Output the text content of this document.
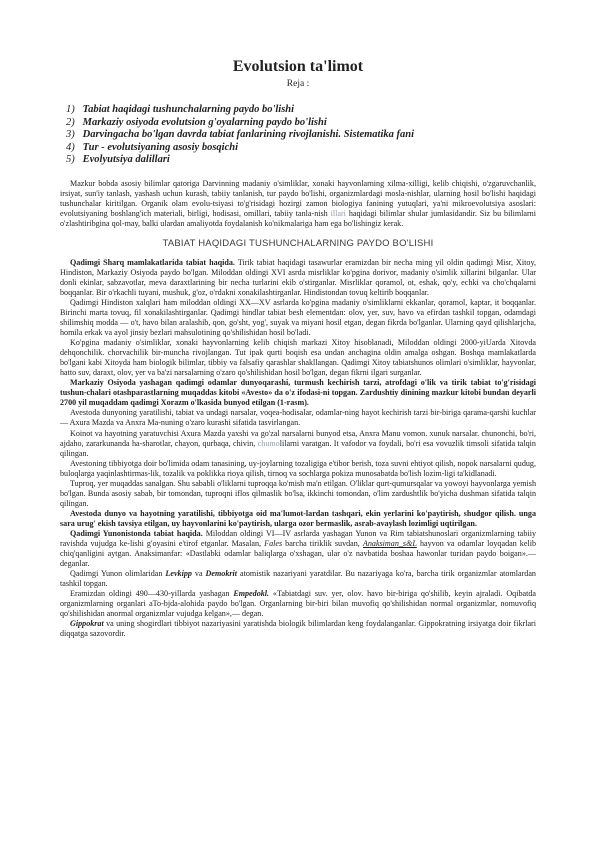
Evolutsion ta'limot
Reja :
1) Tabiat haqidagi tushunchalarning paydo bo'lishi
2) Markaziy osiyoda evolutsion g'oyalarning paydo bo'lishi
3) Darvingacha bo'lgan davrda tabiat fanlarining rivojlanishi. Sistematika fani
4) Tur - evolutsiyaning asosiy bosqichi
5) Evolyutsiya dalillari

Mazkur bobda asosiy bilimlar qatoriga Darvinning madaniy o'simliklar, xonaki hayvonlarning xilma-xilligi, kelib chiqishi, o'zgaruvchanlik, irsiyat, sun'iy tanlash, yashash uchun kurash, tabiiy tanlanish, tur paydo bo'lishi, organizmlardagi mosla-nishlar, ularning hosil bo'lishi haqidagi tushunchalar kiritilgan. Organik olam evolu-tsiyasi to'g'risidagi hozirgi zamon biologiya fanining yutuqlari, ya'ni mikroevolutsiya asoslari: evolutsiyaning boshlang'ich materiali, birligi, hodisasi, omillari, tabiiy tanla-nish illari haqidagi bilimlar shular jumlasidandir. Siz bu bilimlarni o'zlashtiribgina qol-may, balki ulardan amaliyotda foydalanish ko'nikmalariga ham ega bo'lishingiz kerak.

TABIAT HAQIDAGI TUSHUNCHALARNING PAYDO BO'LISHI

Qadimgi Sharq mamlakatlarida tabiat haqida. Tirik tabiat haqidagi tasawurlar eramizdan bir necha ming yil oldin qadimgi Misr, Xitoy, Hindiston, Markaziy Osiyoda paydo bo'lgan. Miloddan oldingi XVI asrda misrliklar ko'pgina dorivor, madaniy o'simlik xillarini bilganlar. Ular donli ekinlar, sabzavotlar, meva daraxtlarining bir necha turlarini ekib o'stirganlar. Misrliklar qoramol, ot, eshak, qo'y, echki va cho'chqalarni boqqanlar. Bir o'rkachli tuyani, mushuk, g'oz, o'rdakni xonakilashtirganlar. Hindistondan tovuq keltirib boqqanlar.

Qadimgi Hindiston xalqlari ham miloddan oldingi XX—XV asrlarda ko'pgina madaniy o'simliklarni ekkanlar, qoramol, kaptar, it boqqanlar. Birinchi marta tovuq, fil xonakilashtirganlar. Qadimgi hindlar tabiat besh elementdan: olov, yer, suv, havo va efirdan tashkil topgan, odamdagi shilimshiq modda — o't, havo bilan aralashib, qon, go'sht, yog', suyak va miyani hosil etgan, degan fikrda bo'lganlar. Ularning qayd qilishlarjcha, homila erkak va ayol jinsiy bezlari mahsulotining qo'shilishidan hosil bo'ladi.

Ko'pgina madaniy o'simliklar, xonaki hayvonlarning kelib chiqish markazi Xitoy hisoblanadi, Miloddan oldingi 2000-yiUarda Xitovda dehqonchilik. chorvachilik bir-muncha rivojlangan. Tut ipak qurti boqish esa undan anchagina oldin amalga oshgan. Boshqa mamlakatlarda bo'lgani kabi Xitoyda ham biologik bilimlar, tibbiy va falsafiy qarashlar shakllangan. Qadimgi Xitoy tabiatshunos olimlari o'simliklar, hayvonlar, hatto suv, daraxt, olov, yer va ba'zi narsalarning o'zaro qo'shilishidan hosil bo'lgan, degan fikrni ilgari surganlar.

Markaziy Osiyoda yashagan qadimgi odamlar dunyoqarashi, turmush kechirish tarzi, atrofdagi o'lik va tirik tabiat to'g'risidagi tushun-chalari otashparastlarning muqaddas kitobi «Avesto» da o'z ifodasi-ni topgan. Zardushtiy dinining mazkur kitobi bundan deyarli 2700 yil muqaddam qadimgi Xorazm o'lkasida bunyod etilgan (1-rasm).

Avestoda dunyoning yaratilishi, tabiat va undagi narsalar, voqea-hodisalar, odamlar-ning hayot kechirish tarzi bir-biriga qarama-qarshi kuchlar — Axura Mazda va Anxra Ma-nuning o'zaro kurashi sifatida tasvirlangan.

Koinot va hayotning yaratuvchisi Axura Mazda yaxshi va go'zal narsalarni bunyod etsa, Anxra Manu vomon. xunuk narsalar. chunonchi, bo'ri, ajdaho, zararkunanda ha-sharotlar, chayon, qurbaqa, chivin, chumolilarni varatgan. It vafodor va foydali, bo'ri esa vovuzlik timsoli sifatida talqin qilingan.

Avestoning tibbiyotga doir bo'limida odam tanasining, uy-joylarning tozaligiga e'tibor berish, toza suvni ehtiyot qilish, nopok narsalarni qudug, buloqlarga yaqinlashtirmas-lik, tozalik va poklikka rioya qilish, tirnoq va sochlarga pokiza munosabatda bo'lish lozim-ligi ta'kidlanadi.

Tuproq, yer muqaddas sanalgan. Shu sababli o'liklarni tuproqqa ko'mish ma'n etilgan. O'liklar qurt-qumursqalar va yowoyi hayvonlarga yemish bo'lgan. Bunda asosiy sabab, bir tomondan, tuproqni iflos qilmaslik bo'lsa, ikkinchi tomondan, o'lim zardushtlik bo'yicha dushman sifatida talqin qilingan.

Avestoda dunyo va hayotning yaratilishi, tibbiyotga oid ma'lumot-lardan tashqari, ekin yerlarini ko'paytirish, shudgor qilish. unga sara urug' ekish tavsiya etilgan, uy hayvonlarini ko'paytirish, ularga ozor bermaslik, asrab-avaylash lozimligi uqtirilgan.

Qadimgi Yunonistonda tabiat haqida. Miloddan oldingi VI—IV asrlarda yashagan Yunon va Rim tabiatshunoslari organizmlarning tabiiy ravishda vujudga ke-lishi g'oyasini e'tirof etganlar. Masalan, Fales barcha tiriklik suvdan, Anaksiman_s&L hayvon va odamlar loyqadan kelib chiq'qanligini aytgan. Anaksimanfar: «Dastlabki odamlar baliqlarga o'xshagan, ular o'z navbatida boshaa hawonlar turidan paydo boigan».— deganlar.

Qadimgi Yunon olimlaridan Levkipp va Demokrit atomistik nazariyani yaratdilar. Bu nazariyaga ko'ra, barcha tirik organizmlar atomlardan tashkil topgan.

Eramizdan oldingi 490—430-yillarda yashagan Empedokl. «Tabiatdagi suv. yer, olov. havo bir-biriga qo'shilib, keyin ajraladi. Oqibatda organizmlarning organlari aTo-bjda-alohida paydo bo'lgan. Organlarning bir-biri bilan muvofiq qo'shilishidan normal organizmlar, nomuvofiq qo'shilishidan anormal organizmlar vujudga kelgan»,— degan.

Gippokrat va uning shogirdlari tibbiyot nazariyasini yaratishda biologik bilimlardan keng foydalanganlar. Gippokratning irsiyatga doir fikrlari diqqatga sazovordir.
